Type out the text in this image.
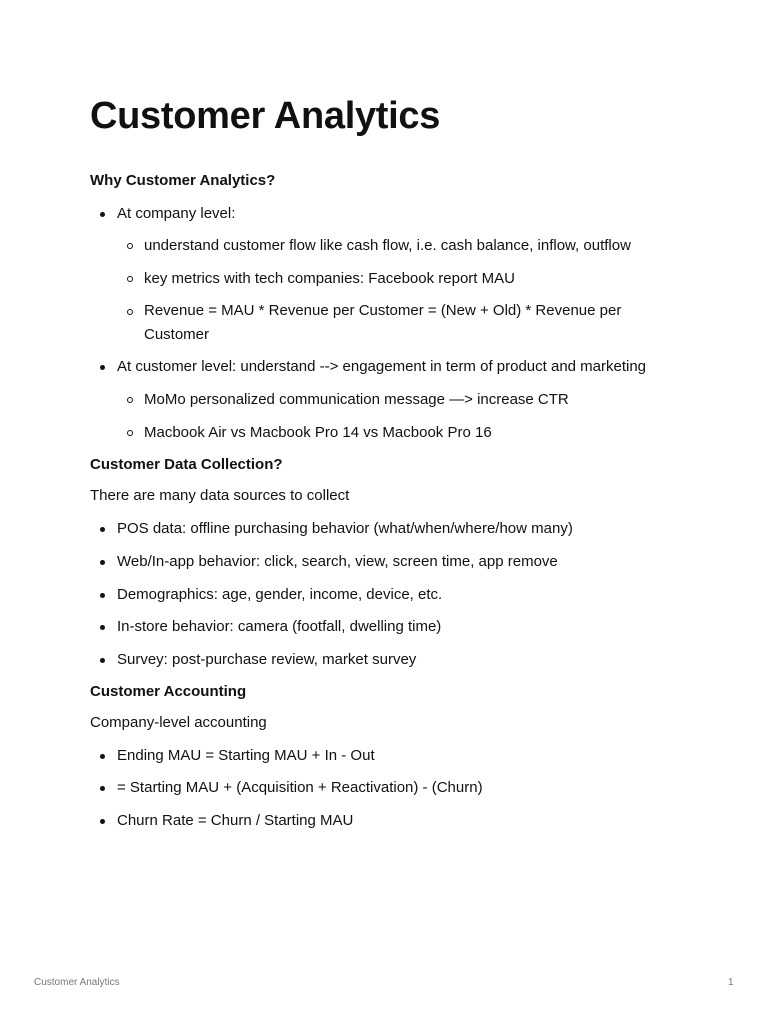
Customer Analytics

Why Customer Analytics?

At company level:

understand customer flow like cash flow, i.e. cash balance, inflow, outflow

key metrics with tech companies: Facebook report MAU

Revenue = MAU * Revenue per Customer = (New + Old) * Revenue per

Customer

At customer level: understand --> engagement in term of product and marketing

MoMo personalized communication message —> increase CTR

Macbook Air vs Macbook Pro 14 vs Macbook Pro 16

Customer Data Collection?

There are many data sources to collect

POS data: offline purchasing behavior (what/when/where/how many)

Web/In-app behavior: click, search, view, screen time, app remove

Demographics: age, gender, income, device, etc.

In-store behavior: camera (footfall, dwelling time)

Survey: post-purchase review, market survey

Customer Accounting

Company-level accounting

Ending MAU = Starting MAU + In - Out

= Starting MAU + (Acquisition + Reactivation) - (Churn)

Churn Rate = Churn / Starting MAU

Customer Analytics	1
